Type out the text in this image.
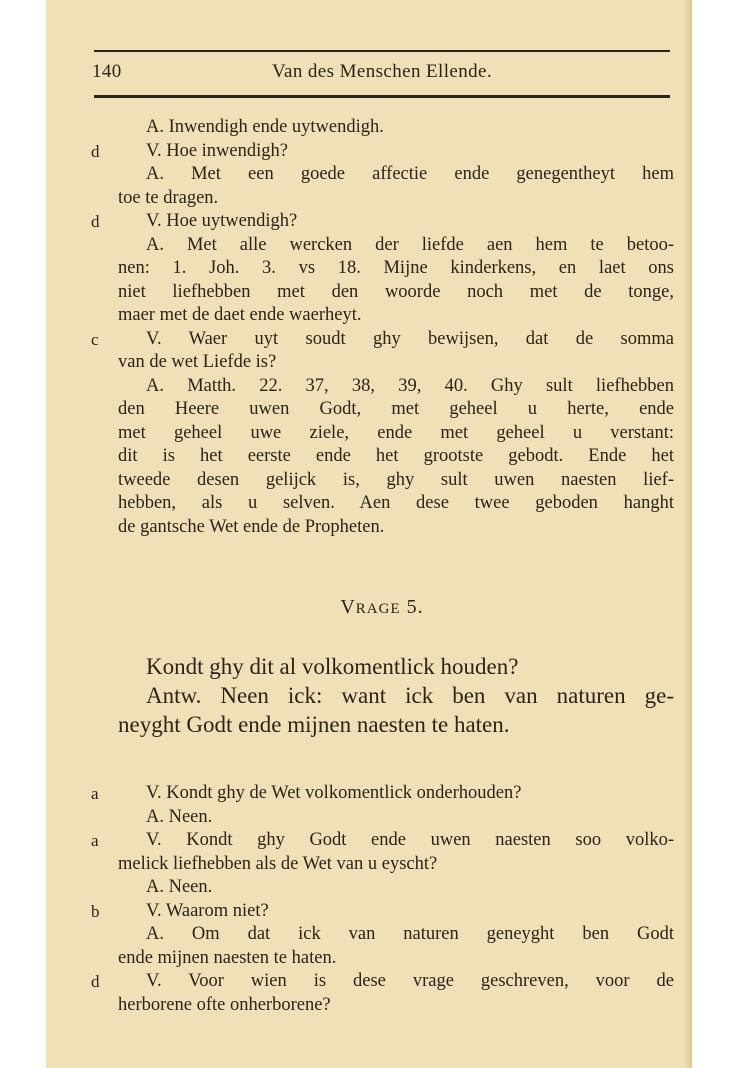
140	Van des Menschen Ellende.
A. Inwendigh ende uytwendigh.
d	V. Hoe inwendigh?
A. Met een goede affectie ende genegentheyt hem
toe te dragen.
d	V. Hoe uytwendigh?
A. Met alle wercken der liefde aen hem te betoo-
nen: 1. Joh. 3. vs 18. Mijne kinderkens, en laet ons
niet liefhebben met den woorde noch met de tonge,
maer met de daet ende waerheyt.
c	V. Waer uyt soudt ghy bewijsen, dat de somma
van de wet Liefde is?
A. Matth. 22. 37, 38, 39, 40. Ghy sult liefhebben
den Heere uwen Godt, met geheel u herte, ende
met geheel uwe ziele, ende met geheel u verstant:
dit is het eerste ende het grootste gebodt. Ende het
tweede desen gelijck is, ghy sult uwen naesten lief-
hebben, als u selven. Aen dese twee geboden hanght
de gantsche Wet ende de Propheten.
VRAGE 5.
Kondt ghy dit al volkomentlick houden?
Antw. Neen ick: want ick ben van naturen ge-
neyght Godt ende mijnen naesten te haten.
a	V. Kondt ghy de Wet volkomentlick onderhouden?
A. Neen.
a	V. Kondt ghy Godt ende uwen naesten soo volko-
melick liefhebben als de Wet van u eyscht?
A. Neen.
b	V. Waarom niet?
A. Om dat ick van naturen geneyght ben Godt
ende mijnen naesten te haten.
d	V. Voor wien is dese vrage geschreven, voor de
herborene ofte onherborene?
